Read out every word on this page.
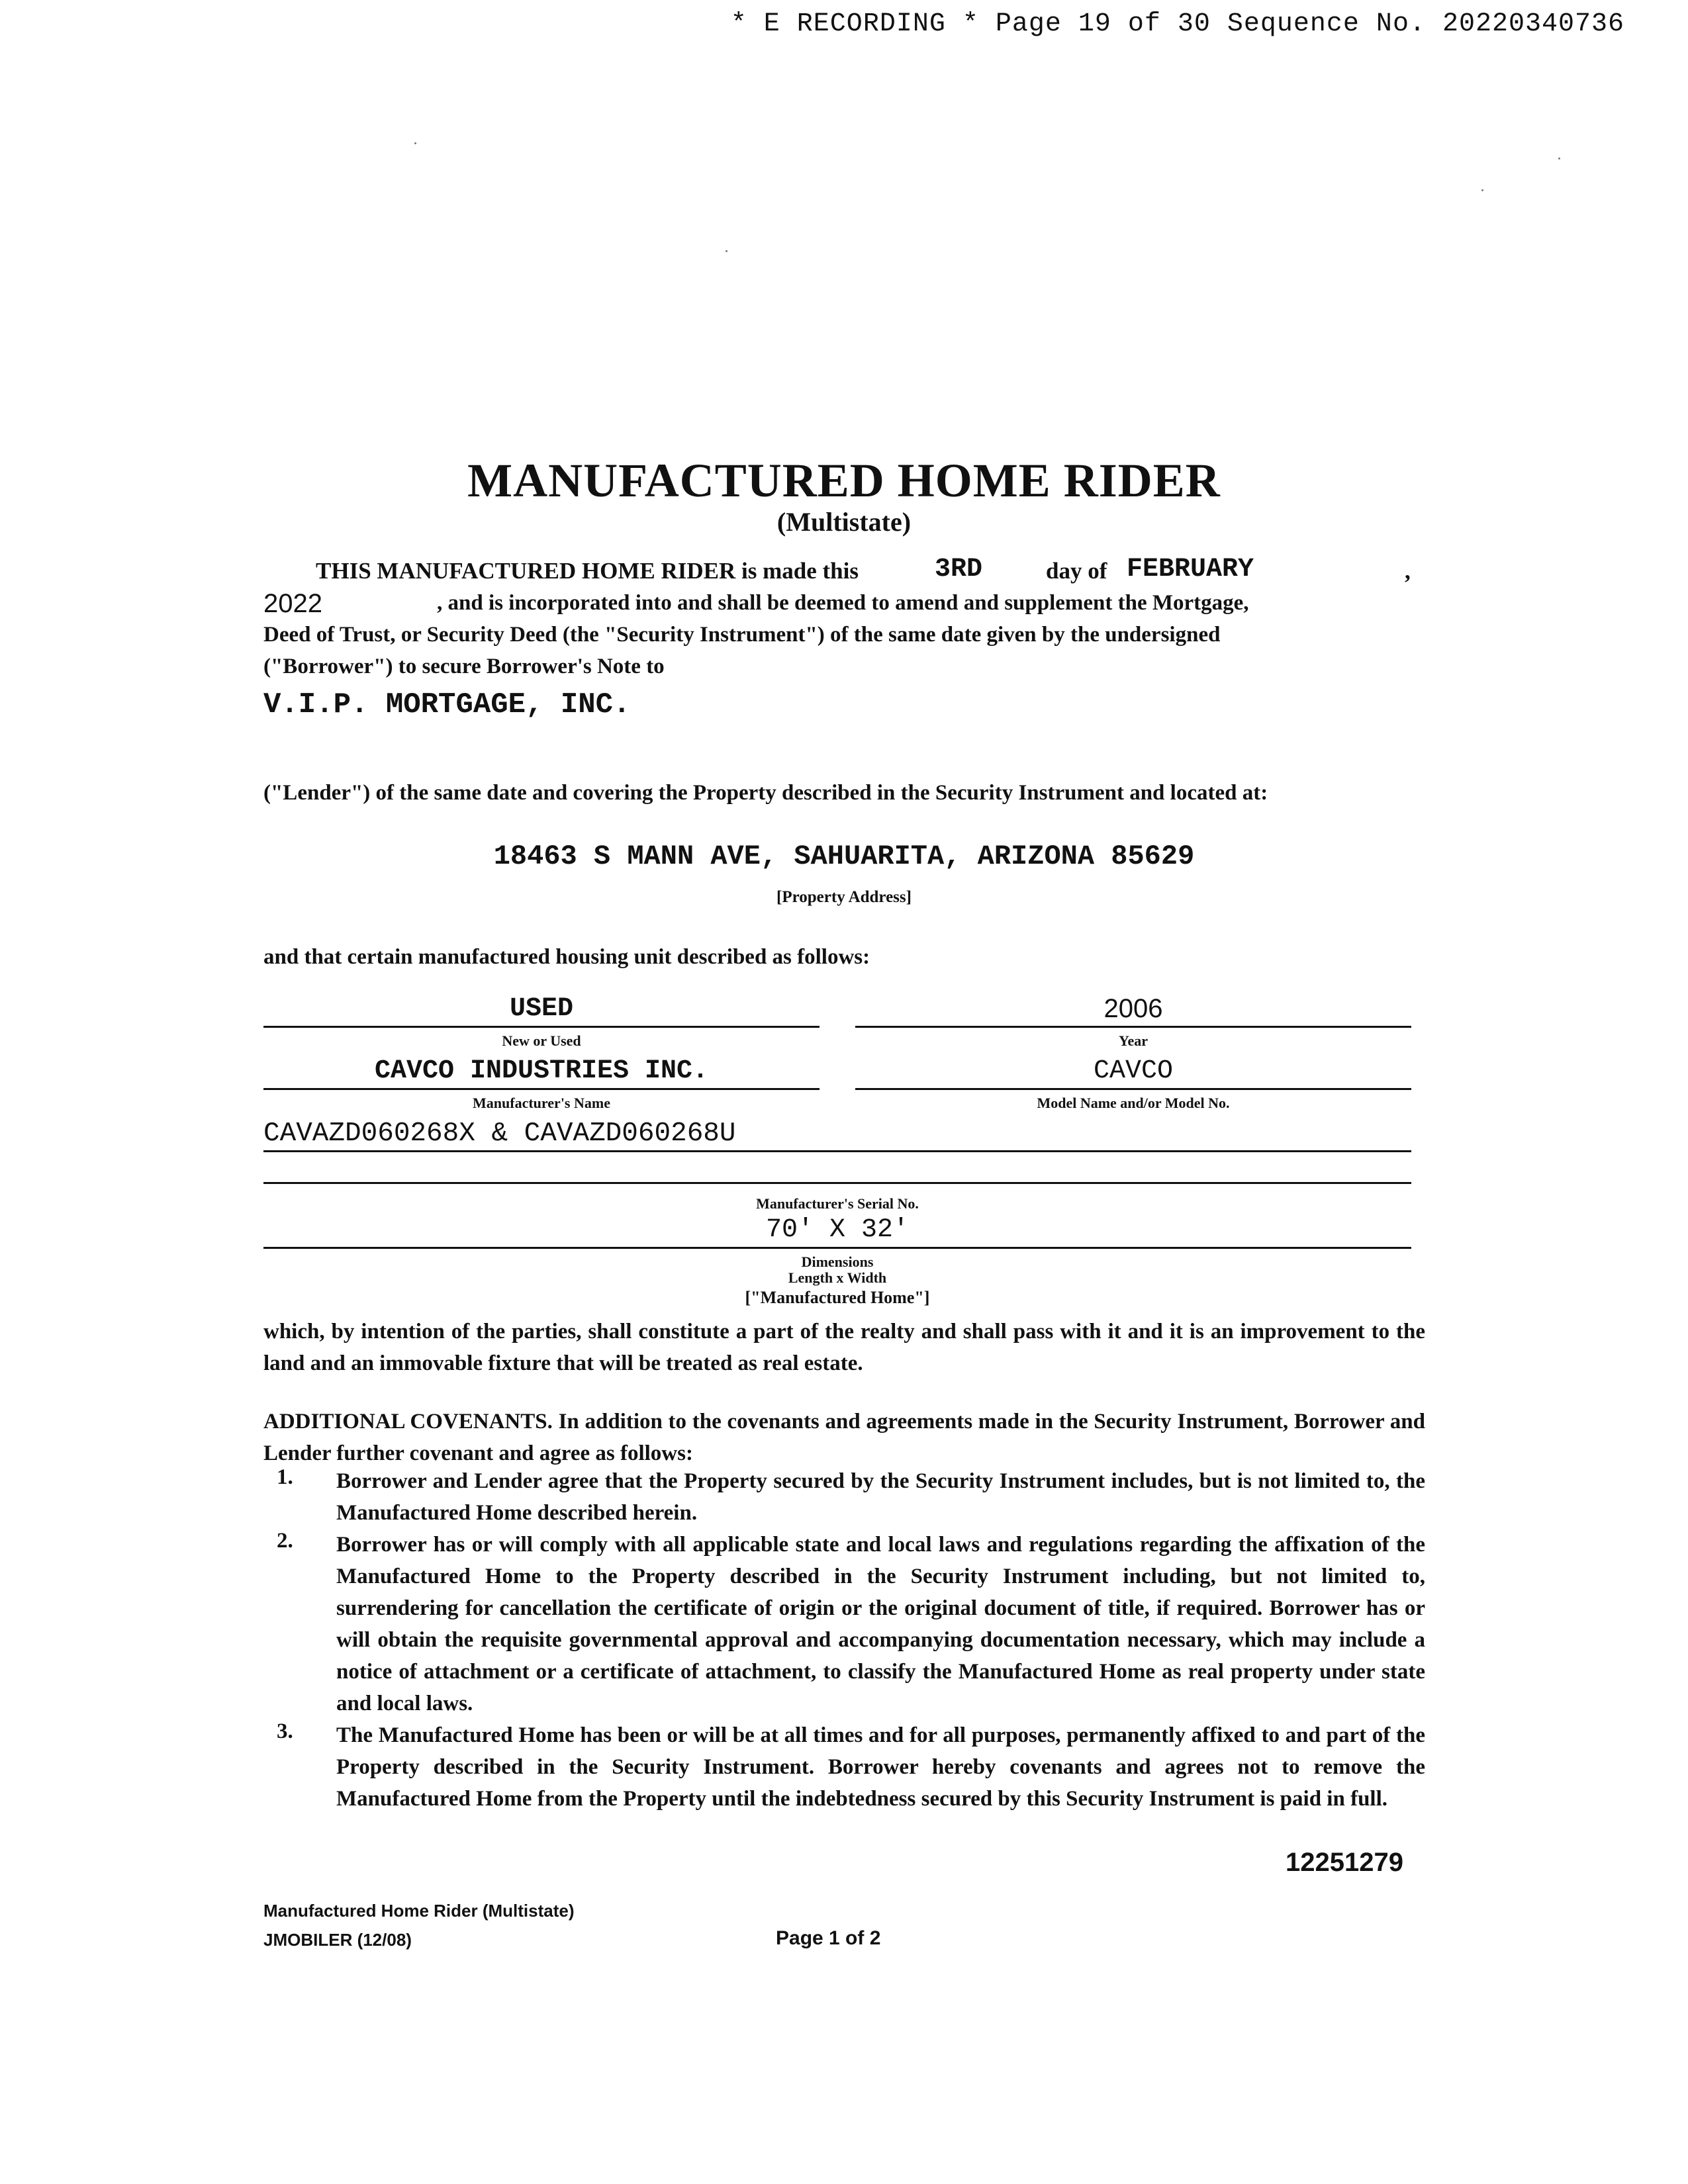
* E RECORDING * Page 19 of 30 Sequence No. 20220340736
MANUFACTURED HOME RIDER
(Multistate)
THIS MANUFACTURED HOME RIDER is made this	3RD	day of FEBRUARY	,
2022	, and is incorporated into and shall be deemed to amend and supplement the Mortgage,
Deed of Trust, or Security Deed (the "Security Instrument") of the same date given by the undersigned
("Borrower") to secure Borrower's Note to
V.I.P. MORTGAGE, INC.
("Lender") of the same date and covering the Property described in the Security Instrument and located at:
18463 S MANN AVE, SAHUARITA, ARIZONA 85629
[Property Address]
and that certain manufactured housing unit described as follows:
USED
New or Used
2006
Year
CAVCO INDUSTRIES INC.
Manufacturer's Name
CAVCO
Model Name and/or Model No.
CAVAZD060268X & CAVAZD060268U
Manufacturer's Serial No.
70' X 32'
Dimensions
Length x Width
["Manufactured Home"]
which, by intention of the parties, shall constitute a part of the realty and shall pass with it and it is an improvement to the land and an immovable fixture that will be treated as real estate.
ADDITIONAL COVENANTS. In addition to the covenants and agreements made in the Security Instrument, Borrower and Lender further covenant and agree as follows:
1. Borrower and Lender agree that the Property secured by the Security Instrument includes, but is not limited to, the Manufactured Home described herein.
2. Borrower has or will comply with all applicable state and local laws and regulations regarding the affixation of the Manufactured Home to the Property described in the Security Instrument including, but not limited to, surrendering for cancellation the certificate of origin or the original document of title, if required. Borrower has or will obtain the requisite governmental approval and accompanying documentation necessary, which may include a notice of attachment or a certificate of attachment, to classify the Manufactured Home as real property under state and local laws.
3. The Manufactured Home has been or will be at all times and for all purposes, permanently affixed to and part of the Property described in the Security Instrument. Borrower hereby covenants and agrees not to remove the Manufactured Home from the Property until the indebtedness secured by this Security Instrument is paid in full.
12251279
Manufactured Home Rider (Multistate)
JMOBILER (12/08)	Page 1 of 2
